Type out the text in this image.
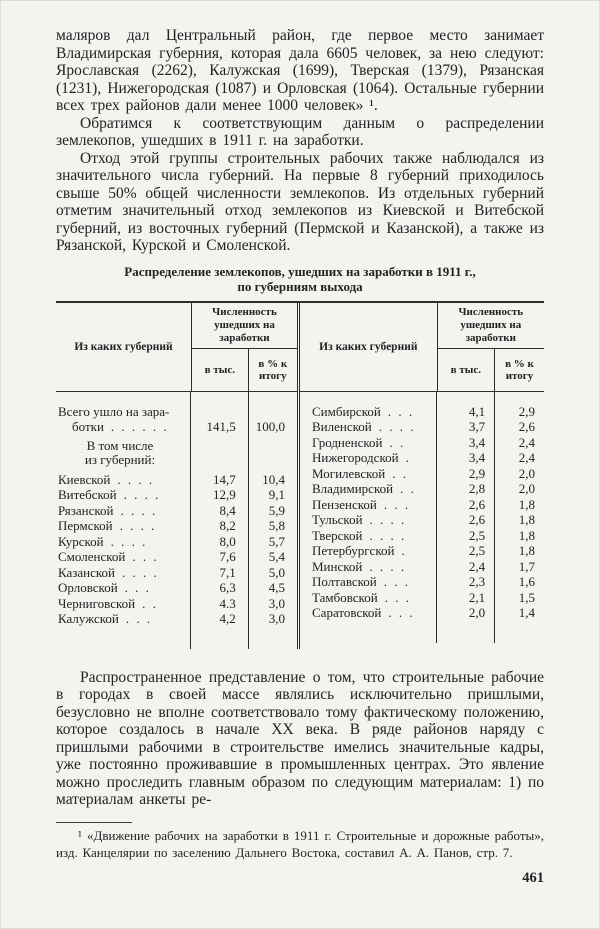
маляров дал Центральный район, где первое место занимает Владимирская губерния, которая дала 6605 человек, за нею следуют: Ярославская (2262), Калужская (1699), Тверская (1379), Рязанская (1231), Нижегородская (1087) и Орловская (1064). Остальные губернии всех трех районов дали менее 1000 человек» ¹.

Обратимся к соответствующим данным о распределении землекопов, ушедших в 1911 г. на заработки.

Отход этой группы строительных рабочих также наблюдался из значительного числа губерний. На первые 8 губерний приходилось свыше 50% общей численности землекопов. Из отдельных губерний отметим значительный отход землекопов из Киевской и Витебской губерний, из восточных губерний (Пермской и Казанской), а также из Рязанской, Курской и Смоленской.

Распределение землекопов, ушедших на заработки в 1911 г.,
по губерниям выхода
Из каких губерний
Численность ушедших на заработки
в тыс.	в % к итогу
Всего ушло на зара-
ботки . . . . . .	141,5	100,0
В том числе
из губерний:
Киевской . . . .	14,7	10,4
Витебской . . . .	12,9	9,1
Рязанской . . . .	8,4	5,9
Пермской . . . .	8,2	5,8
Курской . . . .	8,0	5,7
Смоленской . . .	7,6	5,4
Казанской . . . .	7,1	5,0
Орловской . . .	6,3	4,5
Черниговской . .	4.3	3,0
Калужской . . .	4,2	3,0
Из каких губерний
Численность ушедших на заработки
в тыс.	в % к итогу
Симбирской . . .	4,1	2,9
Виленской . . . .	3,7	2,6
Гродненской . .	3,4	2,4
Нижегородской .	3,4	2,4
Могилевской . .	2,9	2,0
Владимирской . .	2,8	2,0
Пензенской . . .	2,6	1,8
Тульской . . . .	2,6	1,8
Тверской . . . .	2,5	1,8
Петербургской .	2,5	1,8
Минской . . . .	2,4	1,7
Полтавской . . .	2,3	1,6
Тамбовской . . .	2,1	1,5
Саратовской . . .	2,0	1,4

Распространенное представление о том, что строительные рабочие в городах в своей массе являлись исключительно пришлыми, безусловно не вполне соответствовало тому фактическому положению, которое создалось в начале XX века. В ряде районов наряду с пришлыми рабочими в строительстве имелись значительные кадры, уже постоянно проживавшие в промышленных центрах. Это явление можно проследить главным образом по следующим материалам: 1) по материалам анкеты ре-

¹ «Движение рабочих на заработки в 1911 г. Строительные и дорожные работы», изд. Канцелярии по заселению Дальнего Востока, составил А. А. Панов, стр. 7.

461
